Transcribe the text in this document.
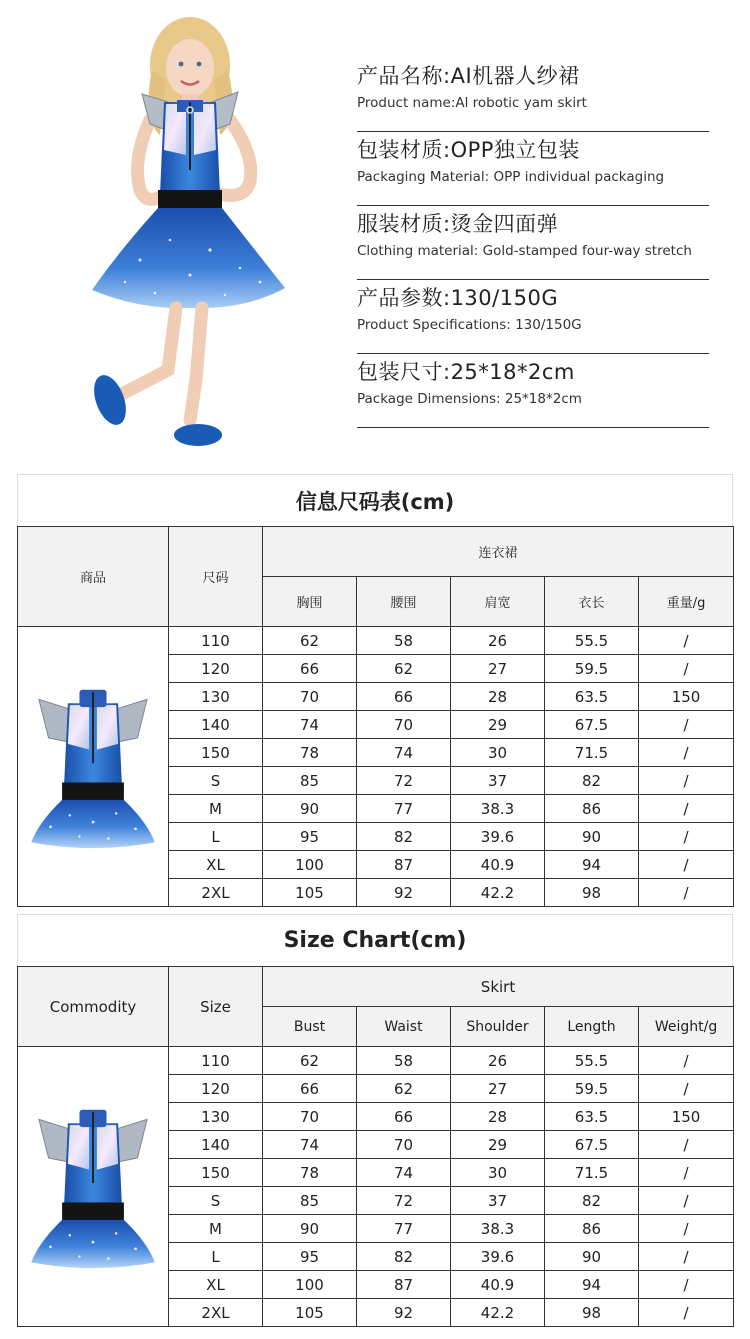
产品名称:AI机器人纱裙
Product name:Al robotic yam skirt
包装材质:OPP独立包装
Packaging Material: OPP individual packaging
服装材质:烫金四面弹
Clothing material: Gold-stamped four-way stretch
产品参数:130/150G
Product Specifications: 130/150G
包装尺寸:25*18*2cm
Package Dimensions: 25*18*2cm
信息尺码表(cm)
商品	尺码	连衣裙				
		胸围	腰围	肩宽	衣长	重量/g

	110	62	58	26	55.5	/
	120	66	62	27	59.5	/
	130	70	66	28	63.5	150
	140	74	70	29	67.5	/
	150	78	74	30	71.5	/
	S	85	72	37	82	/
	M	90	77	38.3	86	/
	L	95	82	39.6	90	/
	XL	100	87	40.9	94	/
	2XL	105	92	42.2	98	/
Size Chart(cm)
Commodity	Size	Skirt				
		Bust	Waist	Shoulder	Length	Weight/g

	110	62	58	26	55.5	/
	120	66	62	27	59.5	/
	130	70	66	28	63.5	150
	140	74	70	29	67.5	/
	150	78	74	30	71.5	/
	S	85	72	37	82	/
	M	90	77	38.3	86	/
	L	95	82	39.6	90	/
	XL	100	87	40.9	94	/
	2XL	105	92	42.2	98	/
